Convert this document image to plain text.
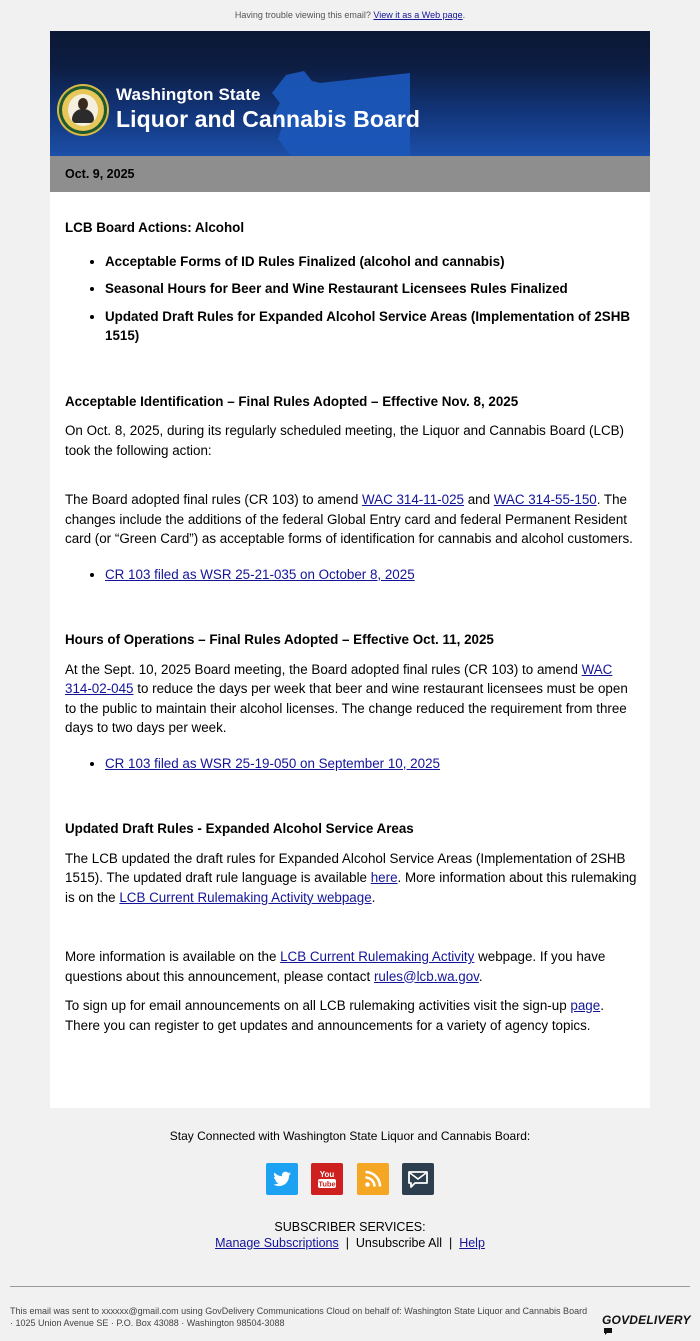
Having trouble viewing this email? View it as a Web page.
Washington State
Liquor and Cannabis Board
Oct. 9, 2025

LCB Board Actions: Alcohol

• Acceptable Forms of ID Rules Finalized (alcohol and cannabis)
• Seasonal Hours for Beer and Wine Restaurant Licensees Rules Finalized
• Updated Draft Rules for Expanded Alcohol Service Areas (Implementation of 2SHB 1515)

Acceptable Identification – Final Rules Adopted – Effective Nov. 8, 2025

On Oct. 8, 2025, during its regularly scheduled meeting, the Liquor and Cannabis Board (LCB) took the following action:

The Board adopted final rules (CR 103) to amend WAC 314-11-025 and WAC 314-55-150. The changes include the additions of the federal Global Entry card and federal Permanent Resident card (or “Green Card”) as acceptable forms of identification for cannabis and alcohol customers.

• CR 103 filed as WSR 25-21-035 on October 8, 2025

Hours of Operations – Final Rules Adopted – Effective Oct. 11, 2025

At the Sept. 10, 2025 Board meeting, the Board adopted final rules (CR 103) to amend WAC 314-02-045 to reduce the days per week that beer and wine restaurant licensees must be open to the public to maintain their alcohol licenses. The change reduced the requirement from three days to two days per week.

• CR 103 filed as WSR 25-19-050 on September 10, 2025

Updated Draft Rules - Expanded Alcohol Service Areas

The LCB updated the draft rules for Expanded Alcohol Service Areas (Implementation of 2SHB 1515). The updated draft rule language is available here. More information about this rulemaking is on the LCB Current Rulemaking Activity webpage.

More information is available on the LCB Current Rulemaking Activity webpage. If you have questions about this announcement, please contact rules@lcb.wa.gov.

To sign up for email announcements on all LCB rulemaking activities visit the sign-up page. There you can register to get updates and announcements for a variety of agency topics.

Stay Connected with Washington State Liquor and Cannabis Board:
You
Tube
SUBSCRIBER SERVICES:
Manage Subscriptions  |  Unsubscribe All  |  Help
This email was sent to xxxxxx@gmail.com using GovDelivery Communications Cloud on behalf of: Washington State Liquor and Cannabis Board · 1025 Union Avenue SE · P.O. Box 43088 · Washington 98504-3088	GOVDELIVERY
